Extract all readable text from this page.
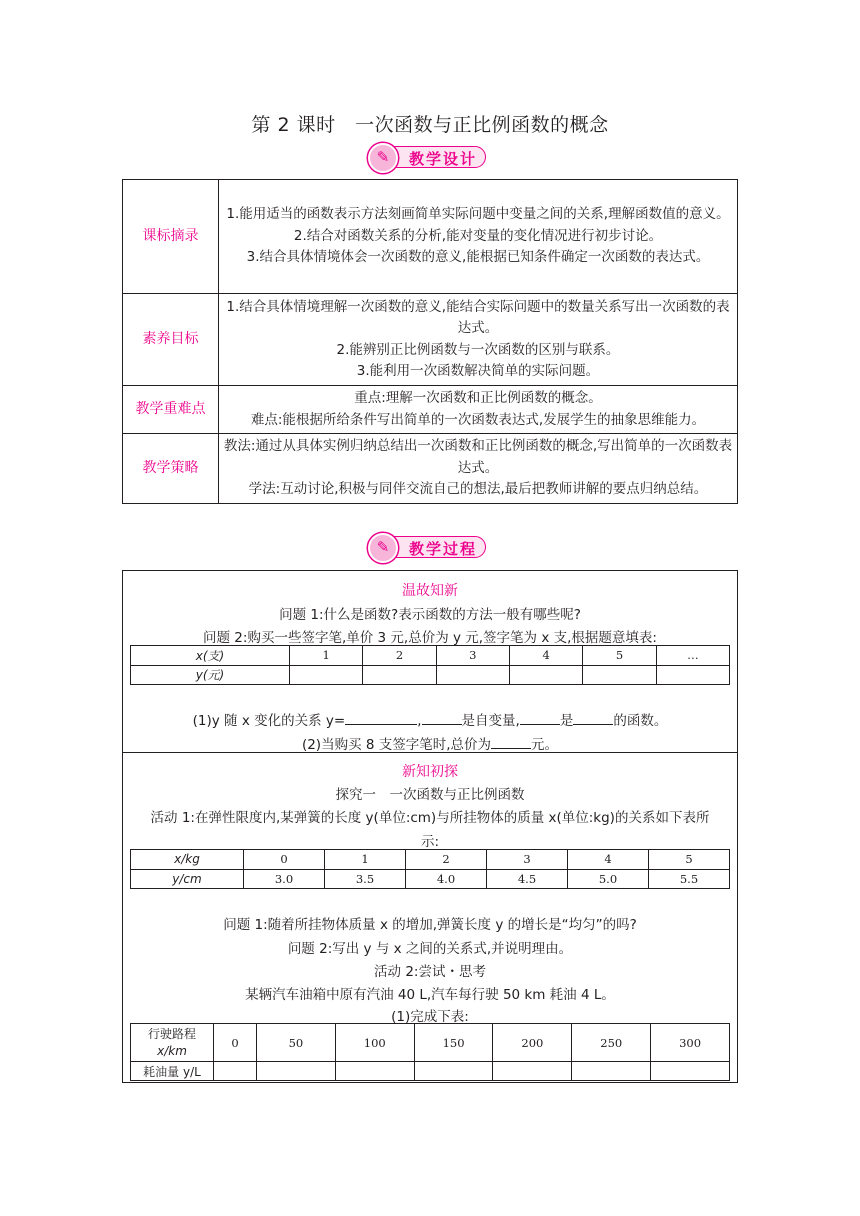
第 2 课时　一次函数与正比例函数的概念
教学设计
✎
课标摘录	1.能用适当的函数表示方法刻画简单实际问题中变量之间的关系,理解函数值的意义。
2.结合对函数关系的分析,能对变量的变化情况进行初步讨论。
3.结合具体情境体会一次函数的意义,能根据已知条件确定一次函数的表达式。

素养目标	1.结合具体情境理解一次函数的意义,能结合实际问题中的数量关系写出一次函数的表达式。
2.能辨别正比例函数与一次函数的区别与联系。
3.能利用一次函数解决简单的实际问题。

教学重难点	重点:理解一次函数和正比例函数的概念。
难点:能根据所给条件写出简单的一次函数表达式,发展学生的抽象思维能力。

教学策略	教法:通过从具体实例归纳总结出一次函数和正比例函数的概念,写出简单的一次函数表达式。
学法:互动讨论,积极与同伴交流自己的想法,最后把教师讲解的要点归纳总结。
教学过程
✎
温故知新
问题 1:什么是函数?表示函数的方法一般有哪些呢?
问题 2:购买一些签字笔,单价 3 元,总价为 y 元,签字笔为 x 支,根据题意填表:
x(支)	1	2	3	4	5	…
y(元)						
(1)y 随 x 变化的关系 y=	,	是自变量,	是	的函数。
(2)当购买 8 支签字笔时,总价为	元。
新知初探
探究一　一次函数与正比例函数
活动 1:在弹性限度内,某弹簧的长度 y(单位:cm)与所挂物体的质量 x(单位:kg)的关系如下表所
示:
x/kg	0	1	2	3	4	5
y/cm	3.0	3.5	4.0	4.5	5.0	5.5
问题 1:随着所挂物体质量 x 的增加,弹簧长度 y 的增长是“均匀”的吗?
问题 2:写出 y 与 x 之间的关系式,并说明理由。
活动 2:尝试・思考
某辆汽车油箱中原有汽油 40 L,汽车每行驶 50 km 耗油 4 L。
(1)完成下表:
行驶路程
x/km	0	50	100	150	200	250	300
耗油量 y/L							
